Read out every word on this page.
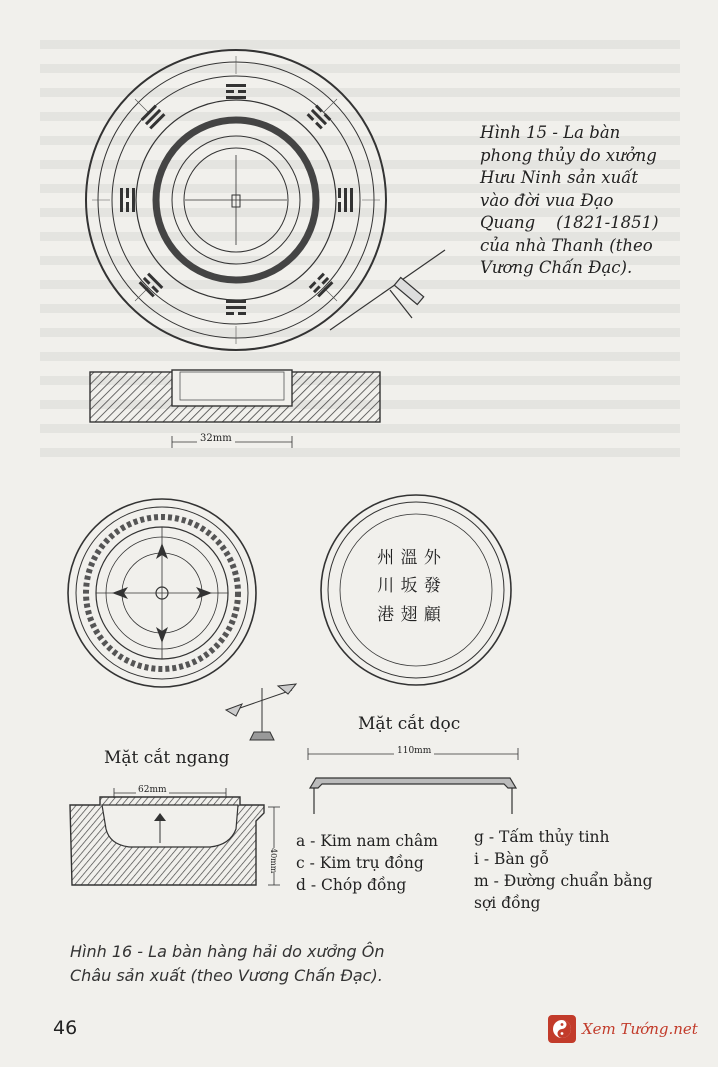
32mm
Hình 15 - La bàn
phong thủy do xưởng
Hưu Ninh sản xuất
vào đời vua Đạo
Quang    (1821-1851)
của nhà Thanh (theo
Vương Chấn Đạc).
州 溫 外
川 坂 發
港 翅 顧
Mặt cắt dọc
Mặt cắt ngang	110mm
62mm
40mm
a - Kim nam châm
c - Kim trụ đồng
d - Chóp đồng
g - Tấm thủy tinh
i - Bàn gỗ
m - Đường chuẩn bằng
sợi đồng
Hình 16 - La bàn hàng hải do xưởng Ôn
Châu sản xuất (theo Vương Chấn Đạc).
46	Xem Tướng.net
